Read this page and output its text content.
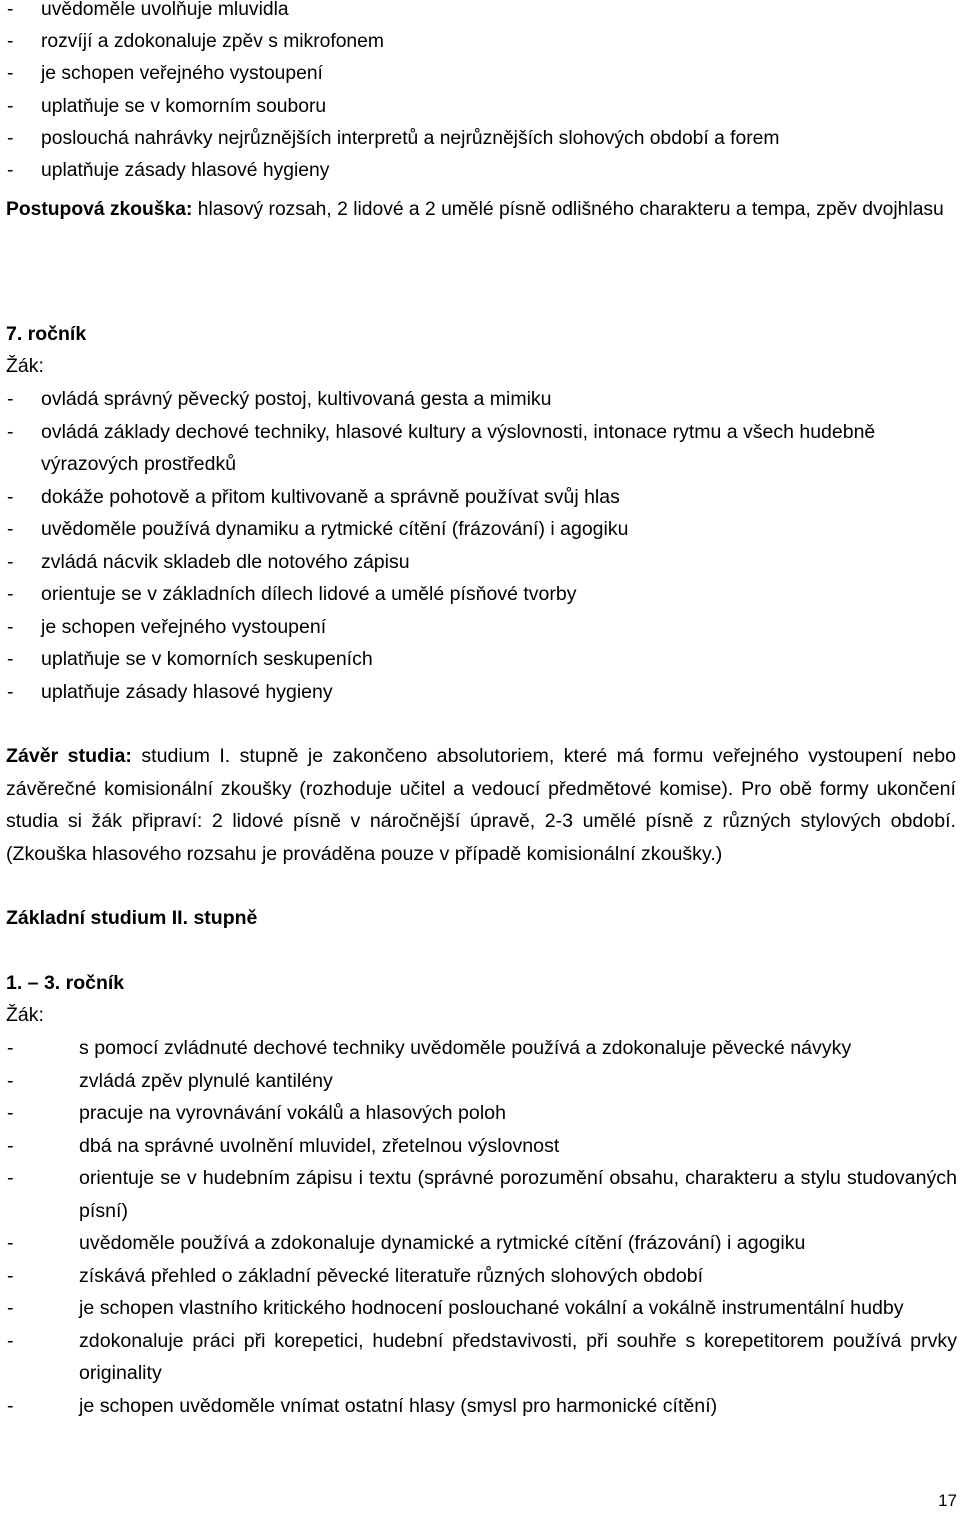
- uvědoměle uvolňuje mluvidla
- rozvíjí a zdokonaluje zpěv s mikrofonem
- je schopen veřejného vystoupení
- uplatňuje se v komorním souboru
- poslouchá nahrávky nejrůznějších interpretů a nejrůznějších slohových období a forem
- uplatňuje zásady hlasové hygieny

Postupová zkouška: hlasový rozsah, 2 lidové a 2 umělé písně odlišného charakteru a tempa, zpěv dvojhlasu

7. ročník
Žák:
- ovládá správný pěvecký postoj, kultivovaná gesta a mimiku
- ovládá základy dechové techniky, hlasové kultury a výslovnosti, intonace rytmu a všech hudebně výrazových prostředků
- dokáže pohotově a přitom kultivovaně a správně používat svůj hlas
- uvědoměle používá dynamiku a rytmické cítění (frázování) i agogiku
- zvládá nácvik skladeb dle notového zápisu
- orientuje se v základních dílech lidové a umělé písňové tvorby
- je schopen veřejného vystoupení
- uplatňuje se v komorních seskupeních
- uplatňuje zásady hlasové hygieny

Závěr studia: studium I. stupně je zakončeno absolutoriem, které má formu veřejného vystoupení nebo závěrečné komisionální zkoušky (rozhoduje učitel a vedoucí předmětové komise). Pro obě formy ukončení studia si žák připraví: 2 lidové písně v náročnější úpravě, 2-3 umělé písně z různých stylových období. (Zkouška hlasového rozsahu je prováděna pouze v případě komisionální zkoušky.)

Základní studium II. stupně
1. – 3. ročník
Žák:
-	s pomocí zvládnuté dechové techniky uvědoměle používá a zdokonaluje pěvecké návyky
-	zvládá zpěv plynulé kantilény
-	pracuje na vyrovnávání vokálů a hlasových poloh
-	dbá na správné uvolnění mluvidel, zřetelnou výslovnost
-	orientuje se v hudebním zápisu i textu (správné porozumění obsahu, charakteru a stylu studovaných písní)
-	uvědoměle používá a zdokonaluje dynamické a rytmické cítění (frázování) i agogiku
-	získává přehled o základní pěvecké literatuře různých slohových období
-	je schopen vlastního kritického hodnocení poslouchané vokální a vokálně instrumentální hudby
-	zdokonaluje práci při korepetici, hudební představivosti, při souhře s korepetitorem používá prvky originality
-	je schopen uvědoměle vnímat ostatní hlasy (smysl pro harmonické cítění)
17
